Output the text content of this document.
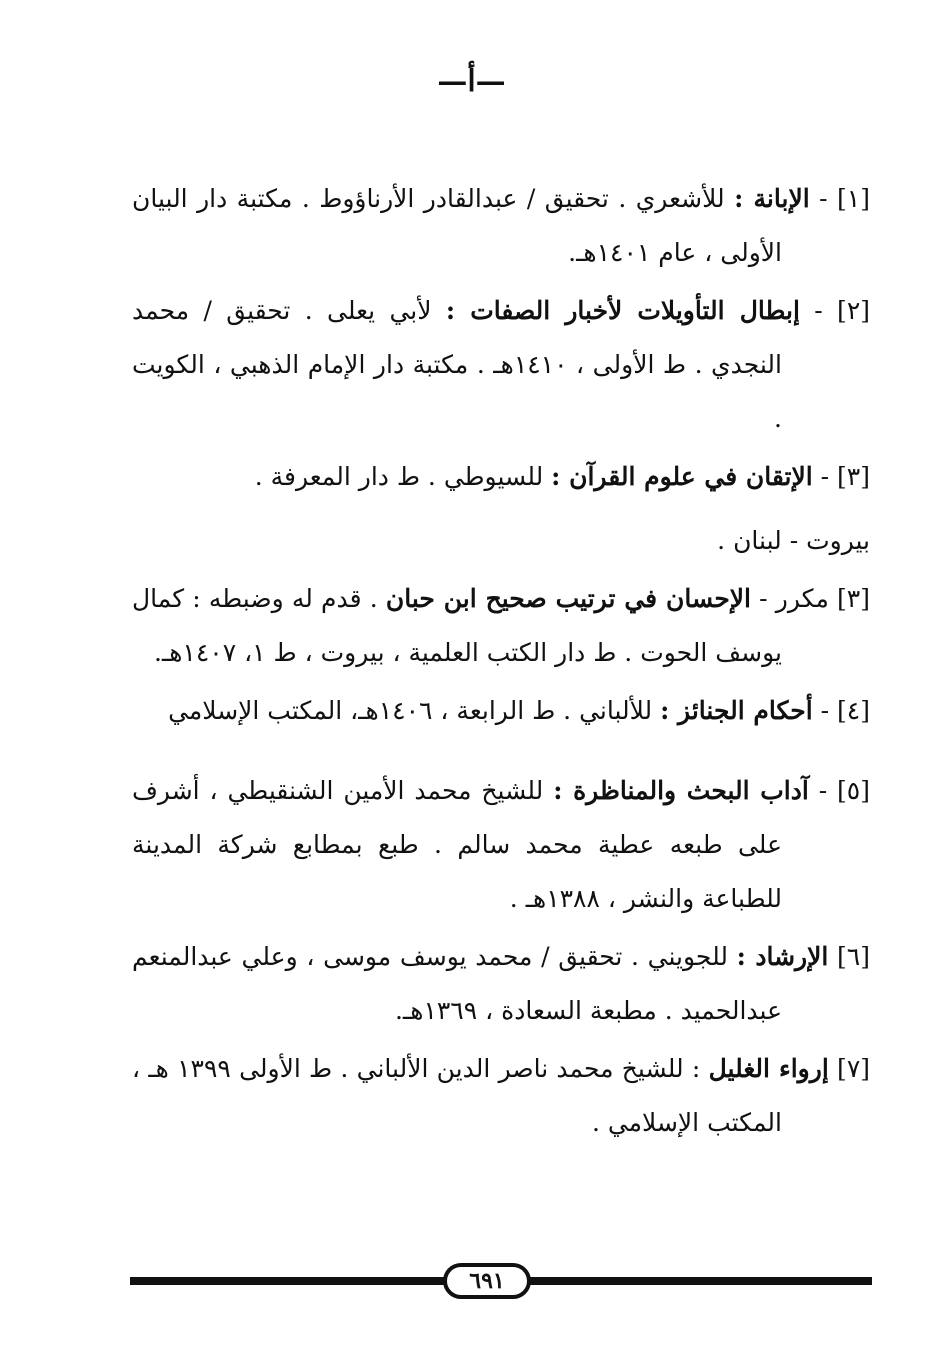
—أ—

[١] - الإبانة : للأشعري . تحقيق / عبدالقادر الأرناؤوط . مكتبة دار البيان الأولى ، عام ١٤٠١هـ.

[٢] - إبطال التأويلات لأخبار الصفات : لأبي يعلى . تحقيق / محمد النجدي . ط الأولى ، ١٤١٠هـ . مكتبة دار الإمام الذهبي ، الكويت .

[٣] - الإتقان في علوم القرآن : للسيوطي . ط دار المعرفة .

بيروت - لبنان .

[٣] مكرر - الإحسان في ترتيب صحيح ابن حبان . قدم له وضبطه : كمال يوسف الحوت . ط دار الكتب العلمية ، بيروت ، ط ١، ١٤٠٧هـ.

[٤] - أحكام الجنائز : للألباني . ط الرابعة ، ١٤٠٦هـ، المكتب الإسلامي

[٥] - آداب البحث والمناظرة : للشيخ محمد الأمين الشنقيطي ، أشرف على طبعه عطية محمد سالم . طبع بمطابع شركة المدينة للطباعة والنشر ، ١٣٨٨هـ .

[٦] الإرشاد : للجويني . تحقيق / محمد يوسف موسى ، وعلي عبدالمنعم عبدالحميد . مطبعة السعادة ، ١٣٦٩هـ.

[٧] إرواء الغليل : للشيخ محمد ناصر الدين الألباني . ط الأولى ١٣٩٩ هـ ، المكتب الإسلامي .

٦٩١
